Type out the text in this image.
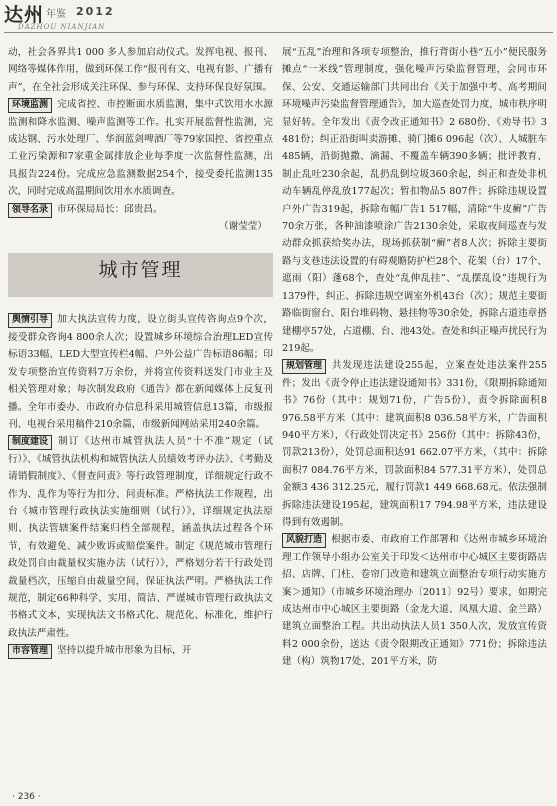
达州 年鉴 2012
DAZHOU NIANJIAN

动，社会各界共1 000 多人参加启动仪式。发挥电视、报刊、网络等媒体作用，做到环保工作“报刊有文、电视有影、广播有声”，在全社会形成关注环保、参与环保、支持环保良好氛围。

环境监测 完成省控、市控断面水质监测，集中式饮用水水源监测和降水监测、噪声监测等工作。扎实开展监督性监测，完成达钢、污水处理厂、华润蓝剑啤酒厂等79家国控、省控重点工业污染源和7家重金属排放企业每季度一次监督性监测，出具报告224份。完成应急监测数据254个，接受委托监测135次，同时完成高温期间饮用水水质调查。

领导名录 市环保局局长：邱贵昌。

（谢莹莹）

城市管理

舆情引导 加大执法宣传力度，设立街头宣传咨询点9个次，接受群众咨询4 800余人次；设置城乡环境综合治理LED宣传标语33幅、LED大型宣传栏4幅、户外公益广告标语86幅；印发专项整治宣传资料7万余份，并将宣传资料送发门市业主及相关管理对象；每次制发政府《通告》都在新闻媒体上反复刊播。全年市委办、市政府办信息科采用城管信息13篇，市级报刊、电视台采用稿件210余篇，市级新闻网站采用240余篇。

制度建设 制订《达州市城管执法人员“十不准”规定（试行）》、《城管执法机构和城管执法人员绩效考评办法》、《考勤及请销假制度》、《督查问责》等行政管理制度，详细规定行政不作为、乱作为等行为扣分、问责标准。严格执法工作规程，出台《城市管理行政执法实施细则（试行）》，详细规定执法原则、执法管辖案件结案归档全部规程，涵盖执法过程各个环节，有效避免、减少败诉或赔偿案件。制定《规范城市管理行政处罚自由裁量权实施办法（试行）》，严格划分若干行政处罚裁量档次，压缩自由裁量空间，保证执法严明。严格执法工作规范，制定66种科学、实用、简洁、严谨城市管理行政执法文书格式文本，实现执法文书格式化、规范化、标准化，维护行政执法严肃性。

市容管理 坚持以提升城市形象为目标，开

展“五乱”治理和各项专项整治，推行背街小巷“五小”便民服务摊点“一米线”管理制度，强化噪声污染监督管理，会同市环保、公安、交通运输部门共同出台《关于加强中考、高考期间环境噪声污染监督管理通告》，加大巡查处罚力度，城市秩序明显好转。全年发出《责令改正通知书》2 680份、《劝导书》3 481份；纠正沿街叫卖游摊、骑门摊6 096起（次）、人城脏车485辆，沿街抛撒、滴漏、不覆盖车辆390多辆；批评教育、制止乱吐230余起，乱扔乱倒垃圾360余起，纠正和查处非机动车辆乱停乱放177起次；暂扣物品5 807件；拆除违规设置户外广告319起，拆除布幅广告1 517幅，清除“牛皮癣”广告70余万张，各种油漆喷涂广告2130余处，采取夜间巡查与发动群众抓获给奖办法，现场抓获制“癣”者8人次；拆除主要街路与支巷违法设置的有碍观瞻防护栏28个、花架（台）17个、遮雨（阳）蓬68个，查处“乱伸乱挂”、“乱摆乱设”违规行为1379件，纠正、拆除违规空调室外机43台（次）；规范主要街路临街窗台、阳台堆码物、悬挂物等30余处，拆除占道违章搭建棚亭57处，占道棚、台、池43处。查处和纠正噪声扰民行为219起。

规划管理 共发现违法建设255起，立案查处违法案件255件；发出《责令停止违法建设通知书》331份，《限期拆除通知书》76份（其中：规划71份，广告5份），责令拆除面积8 976.58平方米（其中：建筑面积8 036.58平方米，广告面积940平方米），《行政处罚决定书》256份（其中：拆除43份，罚款213份），处罚总面积达91 662.07平方米，（其中：拆除面积7 084.76平方米，罚款面积84 577.31平方米），处罚总金额3 436 312.25元，履行罚款1 449 668.68元。依法强制拆除违法建设195起，建筑面积17 794.98平方米，违法建设得到有效遏制。

风貌打造 根据市委、市政府工作部署和《达州市城乡环境治理工作领导小组办公室关于印发＜达州市中心城区主要街路店招、店牌、门柱、卷帘门改造和建筑立面整治专项行动实施方案＞通知》（市城乡环境治理办〔2011〕92号）要求，如期完成达州市中心城区主要街路（金龙大道、凤凰大道、金兰路）建筑立面整治工程。共出动执法人员1 350人次，发放宣传资料2 000余份，送达《责令限期改正通知》771份；拆除违法建（构）筑物17处、201平方米，防

· 236 ·
